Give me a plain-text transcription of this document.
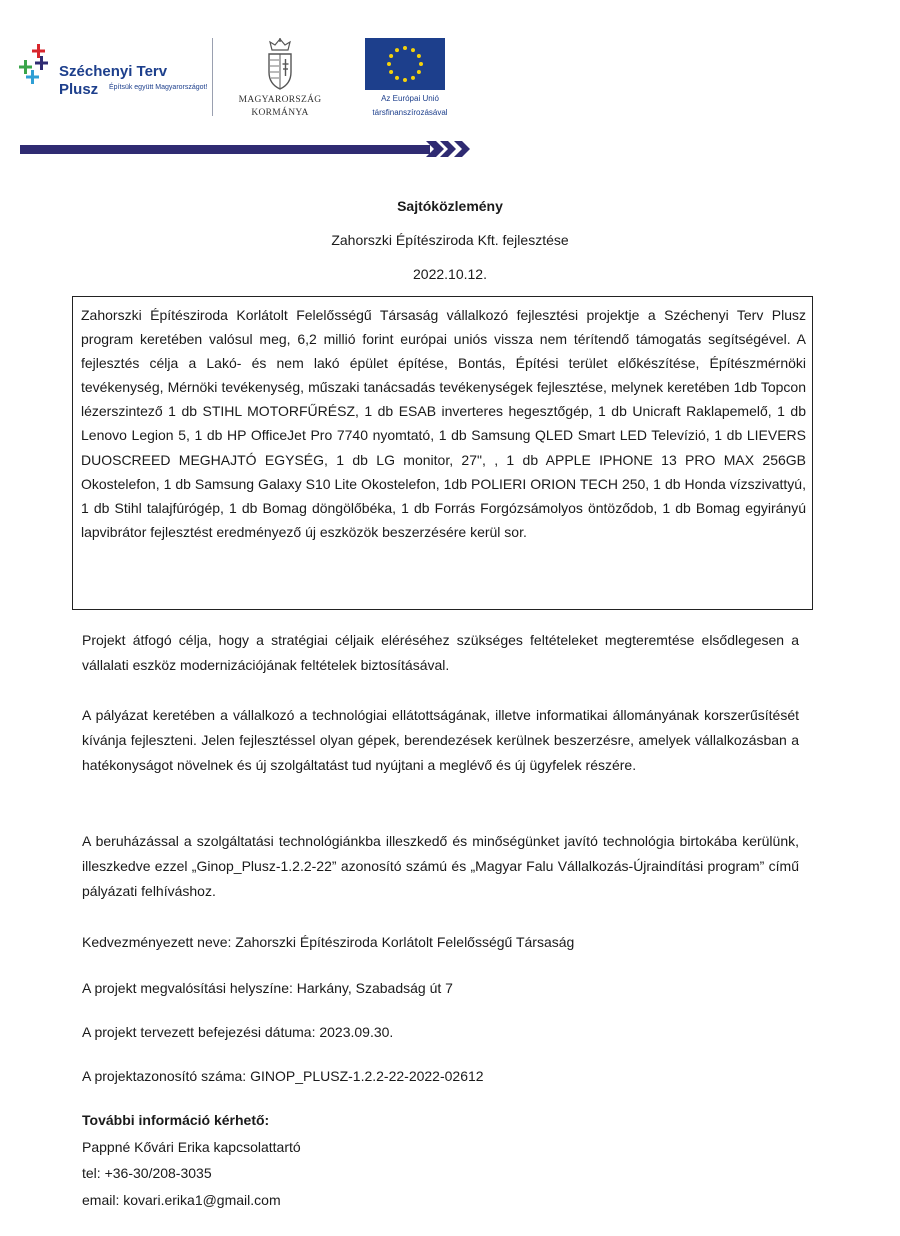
Széchenyi Terv
Plusz Építsük együtt Magyarországot!
MAGYARORSZÁG
KORMÁNYA
Az Európai Unió
társfinanszírozásával
Sajtóközlemény
Zahorszki Építésziroda Kft. fejlesztése
2022.10.12.
Zahorszki Építésziroda Korlátolt Felelősségű Társaság vállalkozó fejlesztési projektje a Széchenyi Terv Plusz program keretében valósul meg, 6,2 millió forint európai uniós vissza nem térítendő támogatás segítségével. A fejlesztés célja a Lakó- és nem lakó épület építése, Bontás, Építési terület előkészítése, Építészmérnöki tevékenység, Mérnöki tevékenység, műszaki tanácsadás tevékenységek fejlesztése, melynek keretében 1db Topcon lézerszintező 1 db STIHL MOTORFŰRÉSZ, 1 db ESAB inverteres hegesztőgép, 1 db Unicraft Raklapemelő, 1 db Lenovo Legion 5, 1 db HP OfficeJet Pro 7740 nyomtató, 1 db Samsung QLED Smart LED Televízió, 1 db LIEVERS DUOSCREED MEGHAJTÓ EGYSÉG, 1 db LG monitor, 27", , 1 db APPLE IPHONE 13 PRO MAX 256GB Okostelefon, 1 db Samsung Galaxy S10 Lite Okostelefon, 1db POLIERI ORION TECH 250, 1 db Honda vízszivattyú, 1 db Stihl talajfúrógép, 1 db Bomag döngölőbéka, 1 db Forrás Forgózsámolyos öntöződob, 1 db Bomag egyirányú lapvibrátor fejlesztést eredményező új eszközök beszerzésére kerül sor.
Projekt átfogó célja, hogy a stratégiai céljaik eléréséhez szükséges feltételeket megteremtése elsődlegesen a vállalati eszköz modernizációjának feltételek biztosításával.
A pályázat keretében a vállalkozó a technológiai ellátottságának, illetve informatikai állományának korszerűsítését kívánja fejleszteni. Jelen fejlesztéssel olyan gépek, berendezések kerülnek beszerzésre, amelyek vállalkozásban a hatékonyságot növelnek és új szolgáltatást tud nyújtani a meglévő és új ügyfelek részére.
A beruházással a szolgáltatási technológiánkba illeszkedő és minőségünket javító technológia birtokába kerülünk, illeszkedve ezzel „Ginop_Plusz-1.2.2-22” azonosító számú és „Magyar Falu Vállalkozás-Újraindítási program” című pályázati felhíváshoz.
Kedvezményezett neve: Zahorszki Építésziroda Korlátolt Felelősségű Társaság
A projekt megvalósítási helyszíne: Harkány, Szabadság út 7
A projekt tervezett befejezési dátuma: 2023.09.30.
A projektazonosító száma: GINOP_PLUSZ-1.2.2-22-2022-02612
További információ kérhető:
Pappné Kővári Erika kapcsolattartó
tel: +36-30/208-3035
email: kovari.erika1@gmail.com
